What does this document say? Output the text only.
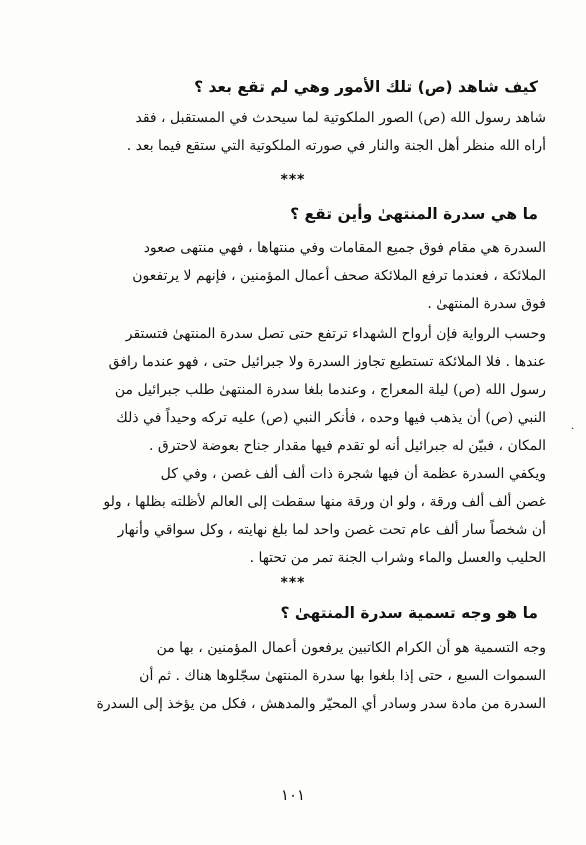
كيف شاهد (ص) تلك الأمور وهي لم تقع بعد ؟
شاهد رسول الله (ص) الصور الملكوتية لما سيحدث في المستقبل ، فقد
أراه الله منظر أهل الجنة والنار في صورته الملكوتية التي ستقع فيما بعد .
***
ما هي سدرة المنتهىٰ وأين تقع ؟
السدرة هي مقام فوق جميع المقامات وفي منتهاها ، فهي منتهى صعود
الملائكة ، فعندما ترفع الملائكة صحف أعمال المؤمنين ، فإنهم لا يرتفعون
فوق سدرة المنتهىٰ .
وحسب الرواية فإن أرواح الشهداء ترتفع حتى تصل سدرة المنتهىٰ فتستقر
عندها . فلا الملائكة تستطيع تجاوز السدرة ولا جبرائيل حتى ، فهو عندما رافق
رسول الله (ص) ليلة المعراج ، وعندما بلغا سدرة المنتهىٰ طلب جبرائيل من
النبي (ص) أن يذهب فيها وحده ، فأنكر النبي (ص) عليه تركه وحيداً في ذلك
المكان ، فبيّن له جبرائيل أنه لو تقدم فيها مقدار جناح بعوضة لاحترق .
ويكفي السدرة عظمة أن فيها شجرة ذات ألف ألف غصن ، وفي كل
غصن ألف ألف ورقة ، ولو ان ورقة منها سقطت إلى العالم لأظلته بظلها ، ولو
أن شخصاً سار ألف عام تحت غصن واحد لما بلغ نهايته ، وكل سواقي وأنهار
الحليب والعسل والماء وشراب الجنة تمر من تحتها .
***
ما هو وجه تسمية سدرة المنتهىٰ ؟
وجه التسمية هو أن الكرام الكاتبين يرفعون أعمال المؤمنين ، بها من
السموات السبع ، حتى إذا بلغوا بها سدرة المنتهىٰ سجّلوها هناك . ثم أن
السدرة من مادة سدر وسادر أي المحيّر والمدهش ، فكل من يؤخذ إلى السدرة
١٠١
·
